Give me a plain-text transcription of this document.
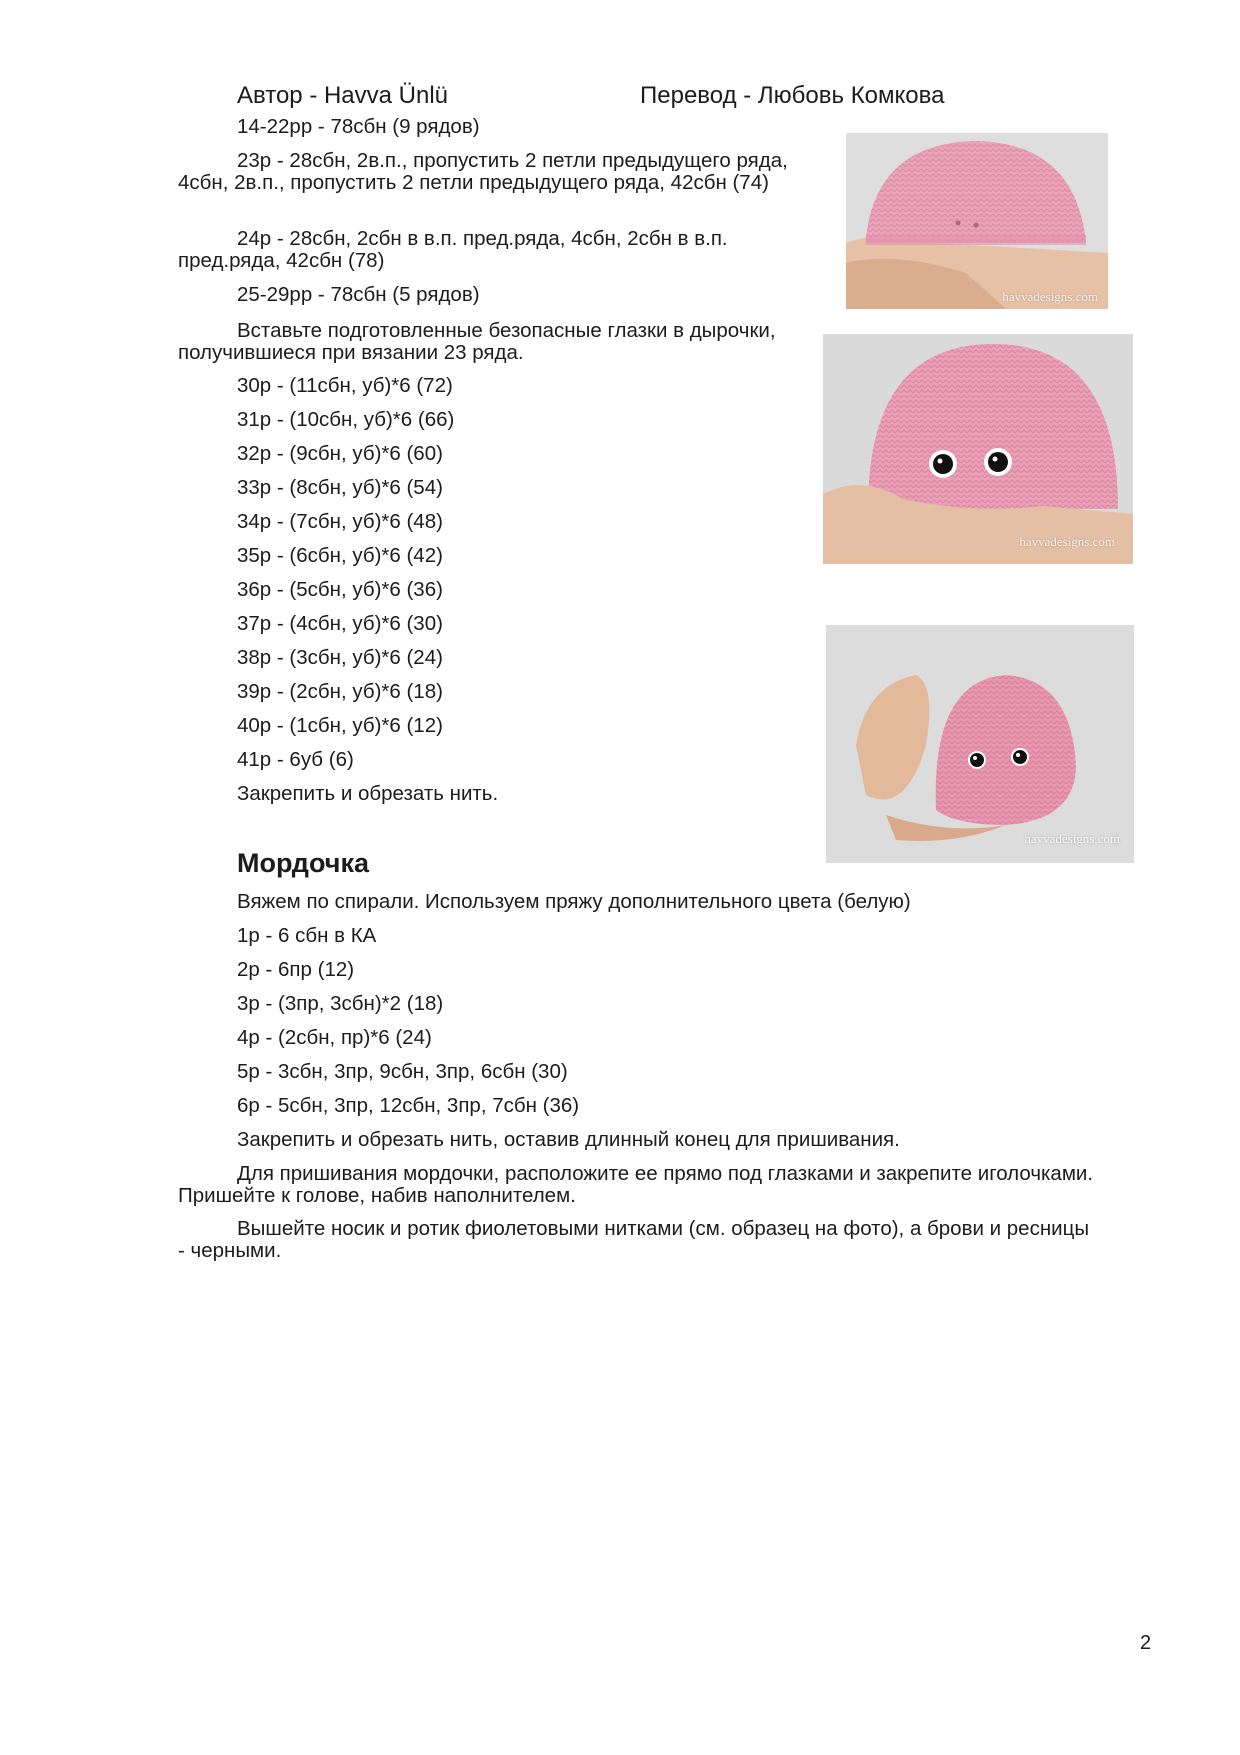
Автор - Havva Ünlü	Перевод - Любовь Комкова
14-22рр - 78сбн (9 рядов)
23р - 28сбн, 2в.п., пропустить 2 петли предыдущего ряда, 4сбн, 2в.п., пропустить 2 петли предыдущего ряда, 42сбн (74)
24р - 28сбн, 2сбн в в.п. пред.ряда, 4сбн, 2сбн в в.п. пред.ряда, 42сбн (78)
25-29рр - 78сбн (5 рядов)
Вставьте подготовленные безопасные глазки в дырочки, получившиеся при вязании 23 ряда.
30р - (11сбн, уб)*6 (72)
31р - (10сбн, уб)*6 (66)
32р - (9сбн, уб)*6 (60)
33р - (8сбн, уб)*6 (54)
34р - (7сбн, уб)*6 (48)
35р - (6сбн, уб)*6 (42)
36р - (5сбн, уб)*6 (36)
37р - (4сбн, уб)*6 (30)
38р - (3сбн, уб)*6 (24)
39р - (2сбн, уб)*6 (18)
40р - (1сбн, уб)*6 (12)
41р - 6уб (6)
Закрепить и обрезать нить.
Мордочка
Вяжем по спирали. Используем пряжу дополнительного цвета (белую)
1р - 6 сбн в КА
2р - 6пр (12)
3р - (3пр, 3сбн)*2 (18)
4р - (2сбн, пр)*6 (24)
5р - 3сбн, 3пр, 9сбн, 3пр, 6сбн (30)
6р - 5сбн, 3пр, 12сбн, 3пр, 7сбн (36)
Закрепить и обрезать нить, оставив длинный конец для пришивания.
Для пришивания мордочки, расположите ее прямо под глазками и закрепите иголочками. Пришейте к голове, набив наполнителем.
Вышейте носик и ротик фиолетовыми нитками (см. образец на фото), а брови и ресницы - черными.
havvadesigns.com
havvadesigns.com
havvadesigns.com
2
